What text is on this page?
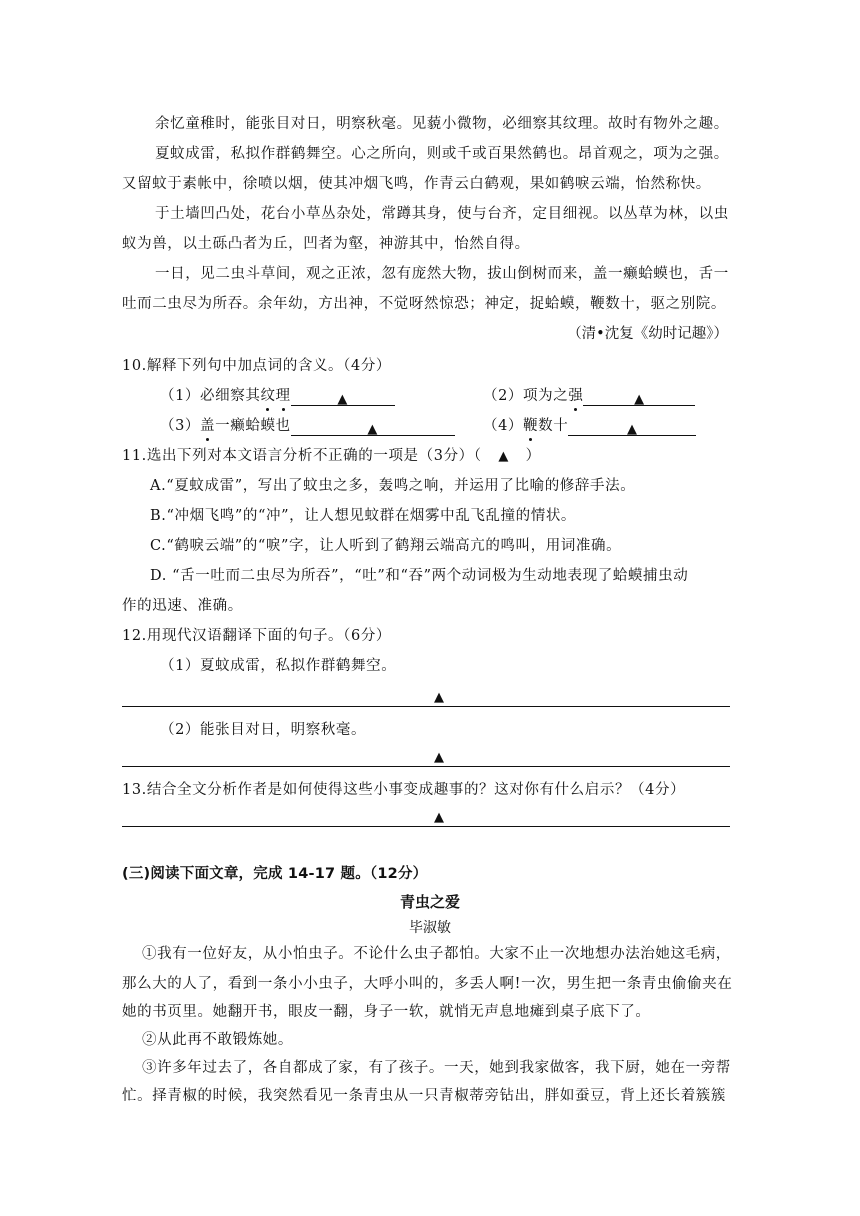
余忆童稚时，能张目对日，明察秋毫。见藐小微物，必细察其纹理。故时有物外之趣。
夏蚊成雷，私拟作群鹤舞空。心之所向，则或千或百果然鹤也。昂首观之，项为之强。
又留蚊于素帐中，徐喷以烟，使其冲烟飞鸣，作青云白鹤观，果如鹤唳云端，怡然称快。
于土墙凹凸处，花台小草丛杂处，常蹲其身，使与台齐，定目细视。以丛草为林，以虫
蚁为兽，以土砾凸者为丘，凹者为壑，神游其中，怡然自得。
一日，见二虫斗草间，观之正浓，忽有庞然大物，拔山倒树而来，盖一癞蛤蟆也，舌一
吐而二虫尽为所吞。余年幼，方出神，不觉呀然惊恐；神定，捉蛤蟆，鞭数十，驱之别院。
（清•沈复《幼时记趣》）
10.解释下列句中加点词的含义。（4分）
（1）必细察其纹理	▲	（2）项为之强	▲
（3）盖一癞蛤蟆也	▲	（4）鞭数十	▲
11.选出下列对本文语言分析不正确的一项是（3分）（ ▲ ）
A.“夏蚊成雷”，写出了蚊虫之多，轰鸣之响，并运用了比喻的修辞手法。
B.“冲烟飞鸣”的“冲”，让人想见蚊群在烟雾中乱飞乱撞的情状。
C.“鹤唳云端”的“唳”字，让人听到了鹤翔云端高亢的鸣叫，用词准确。
D. “舌一吐而二虫尽为所吞”，“吐”和“吞”两个动词极为生动地表现了蛤蟆捕虫动
作的迅速、准确。
12.用现代汉语翻译下面的句子。（6分）
（1）夏蚊成雷，私拟作群鹤舞空。
▲
（2）能张目对日，明察秋毫。
▲
13.结合全文分析作者是如何使得这些小事变成趣事的？这对你有什么启示？（4分）
▲
(三)阅读下面文章，完成 14-17 题。（12分）
青虫之爱
毕淑敏
①我有一位好友，从小怕虫子。不论什么虫子都怕。大家不止一次地想办法治她这毛病，
那么大的人了，看到一条小小虫子，大呼小叫的，多丢人啊!一次，男生把一条青虫偷偷夹在
她的书页里。她翻开书，眼皮一翻，身子一软，就悄无声息地瘫到桌子底下了。
②从此再不敢锻炼她。
③许多年过去了，各自都成了家，有了孩子。一天，她到我家做客，我下厨，她在一旁帮
忙。择青椒的时候，我突然看见一条青虫从一只青椒蒂旁钻出，胖如蚕豆，背上还长着簇簇
